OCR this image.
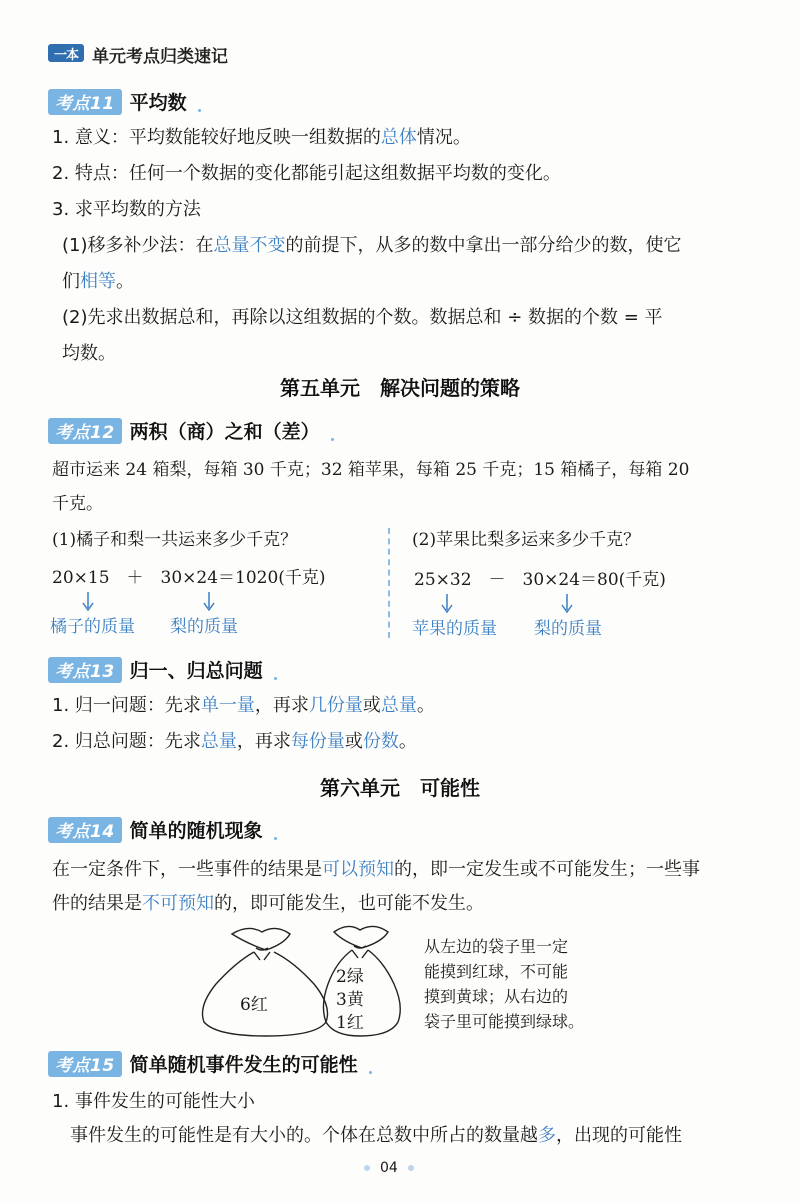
一本 单元考点归类速记
考点11 平均数
1. 意义：平均数能较好地反映一组数据的总体情况。
2. 特点：任何一个数据的变化都能引起这组数据平均数的变化。
3. 求平均数的方法
(1)移多补少法：在总量不变的前提下，从多的数中拿出一部分给少的数，使它
们相等。
(2)先求出数据总和，再除以这组数据的个数。数据总和 ÷ 数据的个数 = 平
均数。
第五单元　解决问题的策略
考点12 两积（商）之和（差）
超市运来 24 箱梨，每箱 30 千克；32 箱苹果，每箱 25 千克；15 箱橘子，每箱 20
千克。
(1)橘子和梨一共运来多少千克？
20×15　＋　30×24＝1020(千克)
橘子的质量 梨的质量
(2)苹果比梨多运来多少千克？
25×32　－　30×24＝80(千克)
苹果的质量 梨的质量
考点13 归一、归总问题
1. 归一问题：先求单一量，再求几份量或总量。
2. 归总问题：先求总量，再求每份量或份数。
第六单元　可能性
考点14 简单的随机现象
在一定条件下，一些事件的结果是可以预知的，即一定发生或不可能发生；一些事
件的结果是不可预知的，即可能发生，也可能不发生。
6红
2绿
3黄
1红
从左边的袋子里一定
能摸到红球，不可能
摸到黄球；从右边的
袋子里可能摸到绿球。
考点15 简单随机事件发生的可能性
1. 事件发生的可能性大小
事件发生的可能性是有大小的。个体在总数中所占的数量越多，出现的可能性
04
